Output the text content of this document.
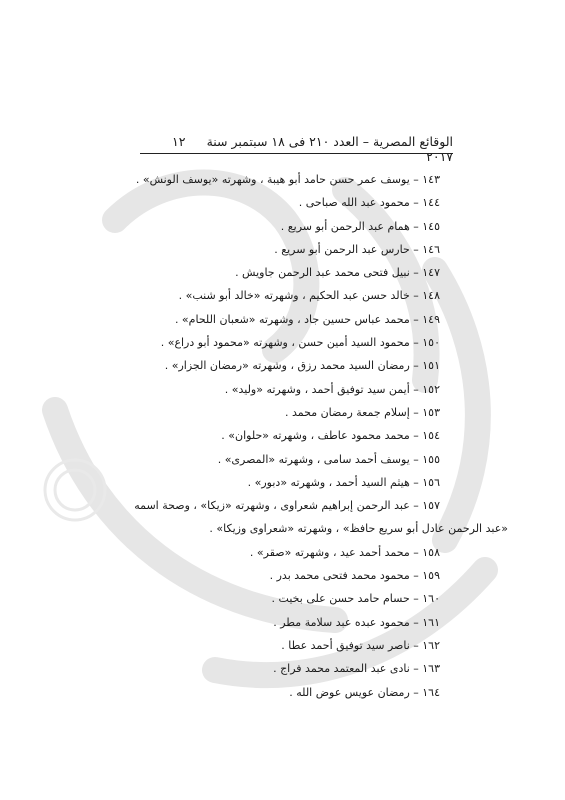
١٢	الوقائع المصرية – العدد ٢١٠ فى ١٨ سبتمبر سنة ٢٠١٧
١٤٣ – يوسف عمر حسن حامد أبو هيبة ، وشهرته «يوسف الونش» .
١٤٤ – محمود عبد الله صباحى .
١٤٥ – همام عبد الرحمن أبو سريع .
١٤٦ – حارس عبد الرحمن أبو سريع .
١٤٧ – نبيل فتحى محمد عبد الرحمن جاويش .
١٤٨ – خالد حسن عبد الحكيم ، وشهرته «خالد أبو شنب» .
١٤٩ – محمد عباس حسين جاد ، وشهرته «شعبان اللحام» .
١٥٠ – محمود السيد أمين حسن ، وشهرته «محمود أبو دراع» .
١٥١ – رمضان السيد محمد رزق ، وشهرته «رمضان الجزار» .
١٥٢ – أيمن سيد توفيق أحمد ، وشهرته «وليد» .
١٥٣ – إسلام جمعة رمضان محمد .
١٥٤ – محمد محمود عاطف ، وشهرته «حلوان» .
١٥٥ – يوسف أحمد سامى ، وشهرته «المصرى» .
١٥٦ – هيثم السيد أحمد ، وشهرته «دبور» .
١٥٧ – عبد الرحمن إبراهيم شعراوى ، وشهرته «زيكا» ، وصحة اسمه
«عبد الرحمن عادل أبو سريع حافظ» ، وشهرته «شعراوى وزيكا» .
١٥٨ – محمد أحمد عيد ، وشهرته «صقر» .
١٥٩ – محمود محمد فتحى محمد بدر .
١٦٠ – حسام حامد حسن على بخيت .
١٦١ – محمود عبده عبد سلامة مطر .
١٦٢ – ناصر سيد توفيق أحمد عطا .
١٦٣ – نادى عبد المعتمد محمد فراج .
١٦٤ – رمضان عويس عوض الله .
